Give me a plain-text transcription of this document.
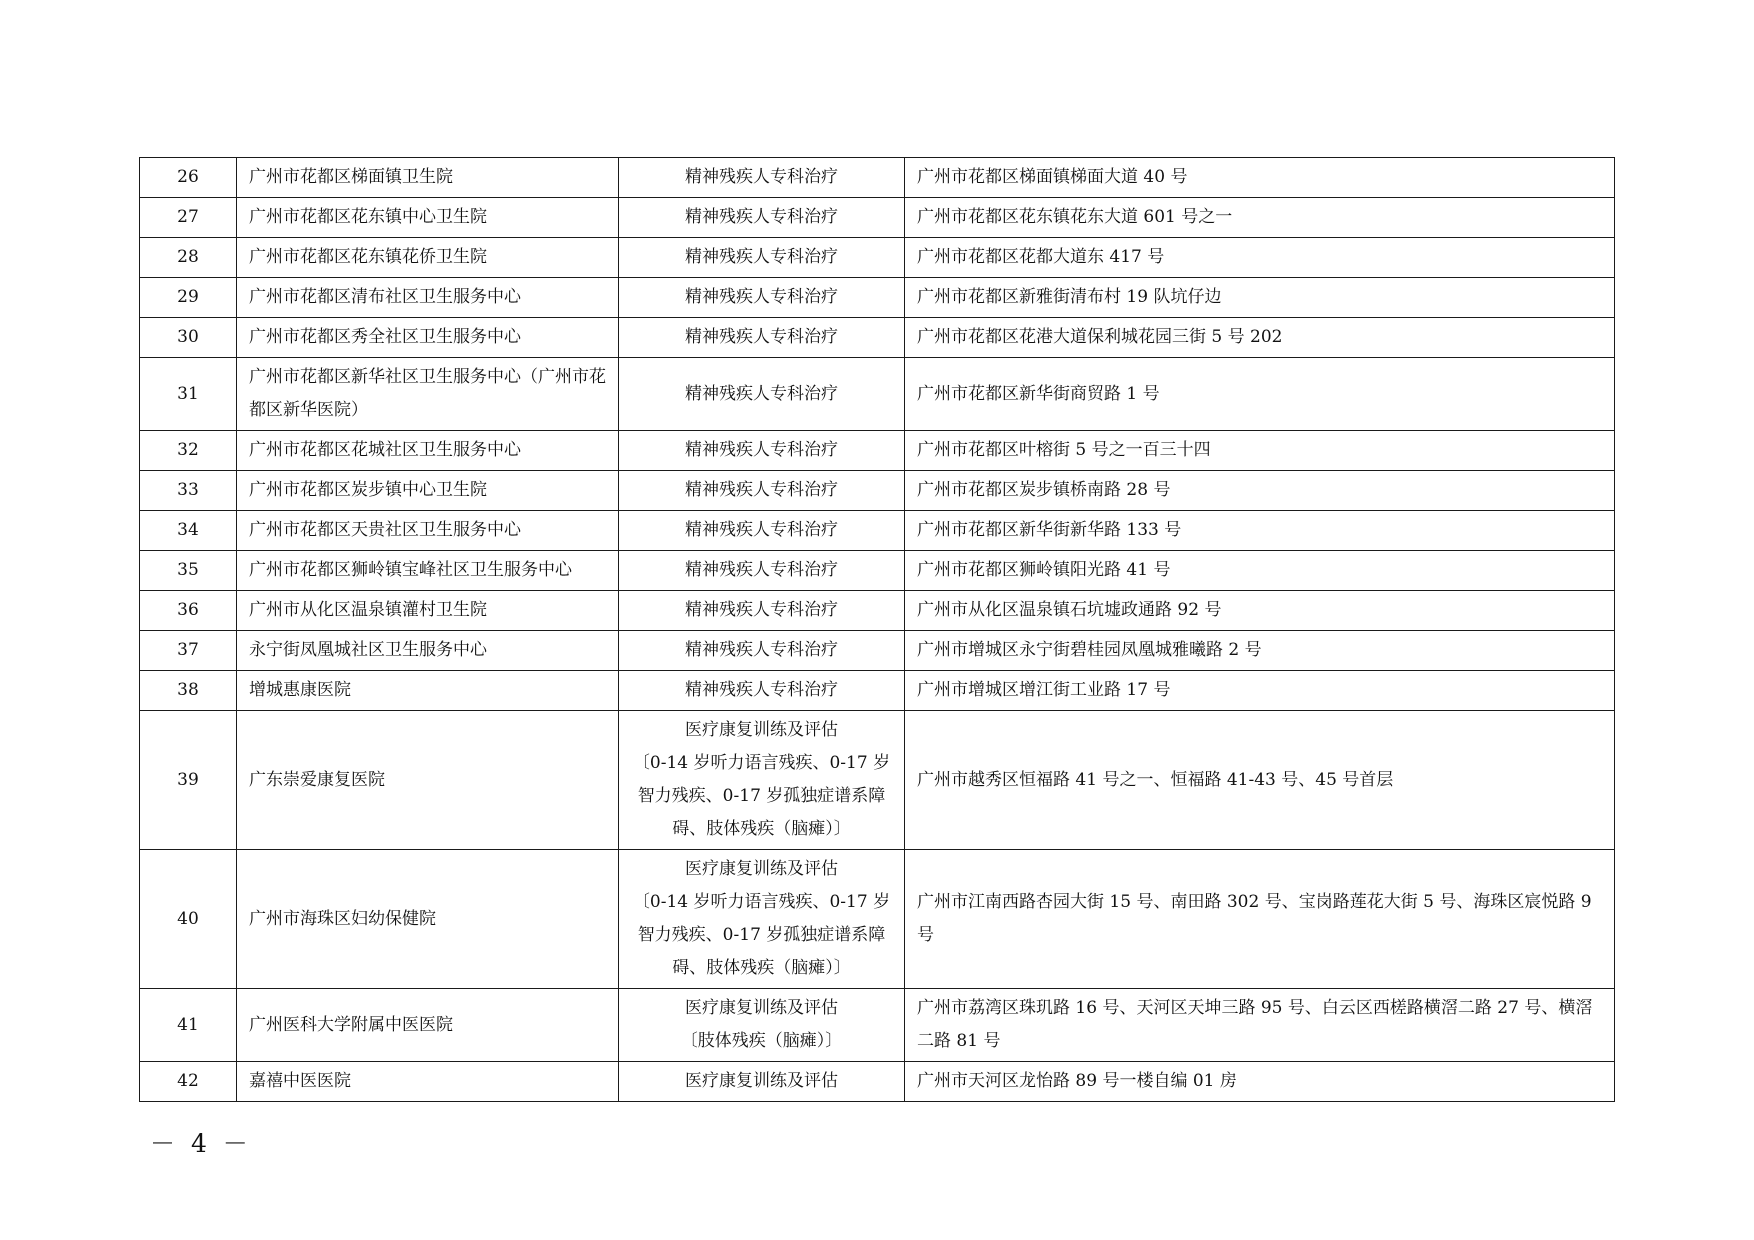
26	广州市花都区梯面镇卫生院	精神残疾人专科治疗	广州市花都区梯面镇梯面大道 40 号
27	广州市花都区花东镇中心卫生院	精神残疾人专科治疗	广州市花都区花东镇花东大道 601 号之一
28	广州市花都区花东镇花侨卫生院	精神残疾人专科治疗	广州市花都区花都大道东 417 号
29	广州市花都区清布社区卫生服务中心	精神残疾人专科治疗	广州市花都区新雅街清布村 19 队坑仔边
30	广州市花都区秀全社区卫生服务中心	精神残疾人专科治疗	广州市花都区花港大道保利城花园三街 5 号 202
31	广州市花都区新华社区卫生服务中心（广州市花都区新华医院）	精神残疾人专科治疗	广州市花都区新华街商贸路 1 号
32	广州市花都区花城社区卫生服务中心	精神残疾人专科治疗	广州市花都区叶榕街 5 号之一百三十四
33	广州市花都区炭步镇中心卫生院	精神残疾人专科治疗	广州市花都区炭步镇桥南路 28 号
34	广州市花都区天贵社区卫生服务中心	精神残疾人专科治疗	广州市花都区新华街新华路 133 号
35	广州市花都区狮岭镇宝峰社区卫生服务中心	精神残疾人专科治疗	广州市花都区狮岭镇阳光路 41 号
36	广州市从化区温泉镇灌村卫生院	精神残疾人专科治疗	广州市从化区温泉镇石坑墟政通路 92 号
37	永宁街凤凰城社区卫生服务中心	精神残疾人专科治疗	广州市增城区永宁街碧桂园凤凰城雅曦路 2 号
38	增城惠康医院	精神残疾人专科治疗	广州市增城区增江街工业路 17 号
39	广东崇爱康复医院	医疗康复训练及评估
〔0-14 岁听力语言残疾、0-17 岁智力残疾、0-17 岁孤独症谱系障碍、肢体残疾（脑瘫）〕	广州市越秀区恒福路 41 号之一、恒福路 41-43 号、45 号首层
40	广州市海珠区妇幼保健院	医疗康复训练及评估
〔0-14 岁听力语言残疾、0-17 岁智力残疾、0-17 岁孤独症谱系障碍、肢体残疾（脑瘫）〕	广州市江南西路杏园大街 15 号、南田路 302 号、宝岗路莲花大街 5 号、海珠区宸悦路 9 号
41	广州医科大学附属中医医院	医疗康复训练及评估
〔肢体残疾（脑瘫）〕	广州市荔湾区珠玑路 16 号、天河区天坤三路 95 号、白云区西槎路横滘二路 27 号、横滘二路 81 号
42	嘉禧中医医院	医疗康复训练及评估	广州市天河区龙怡路 89 号一楼自编 01 房
－ 4 －
